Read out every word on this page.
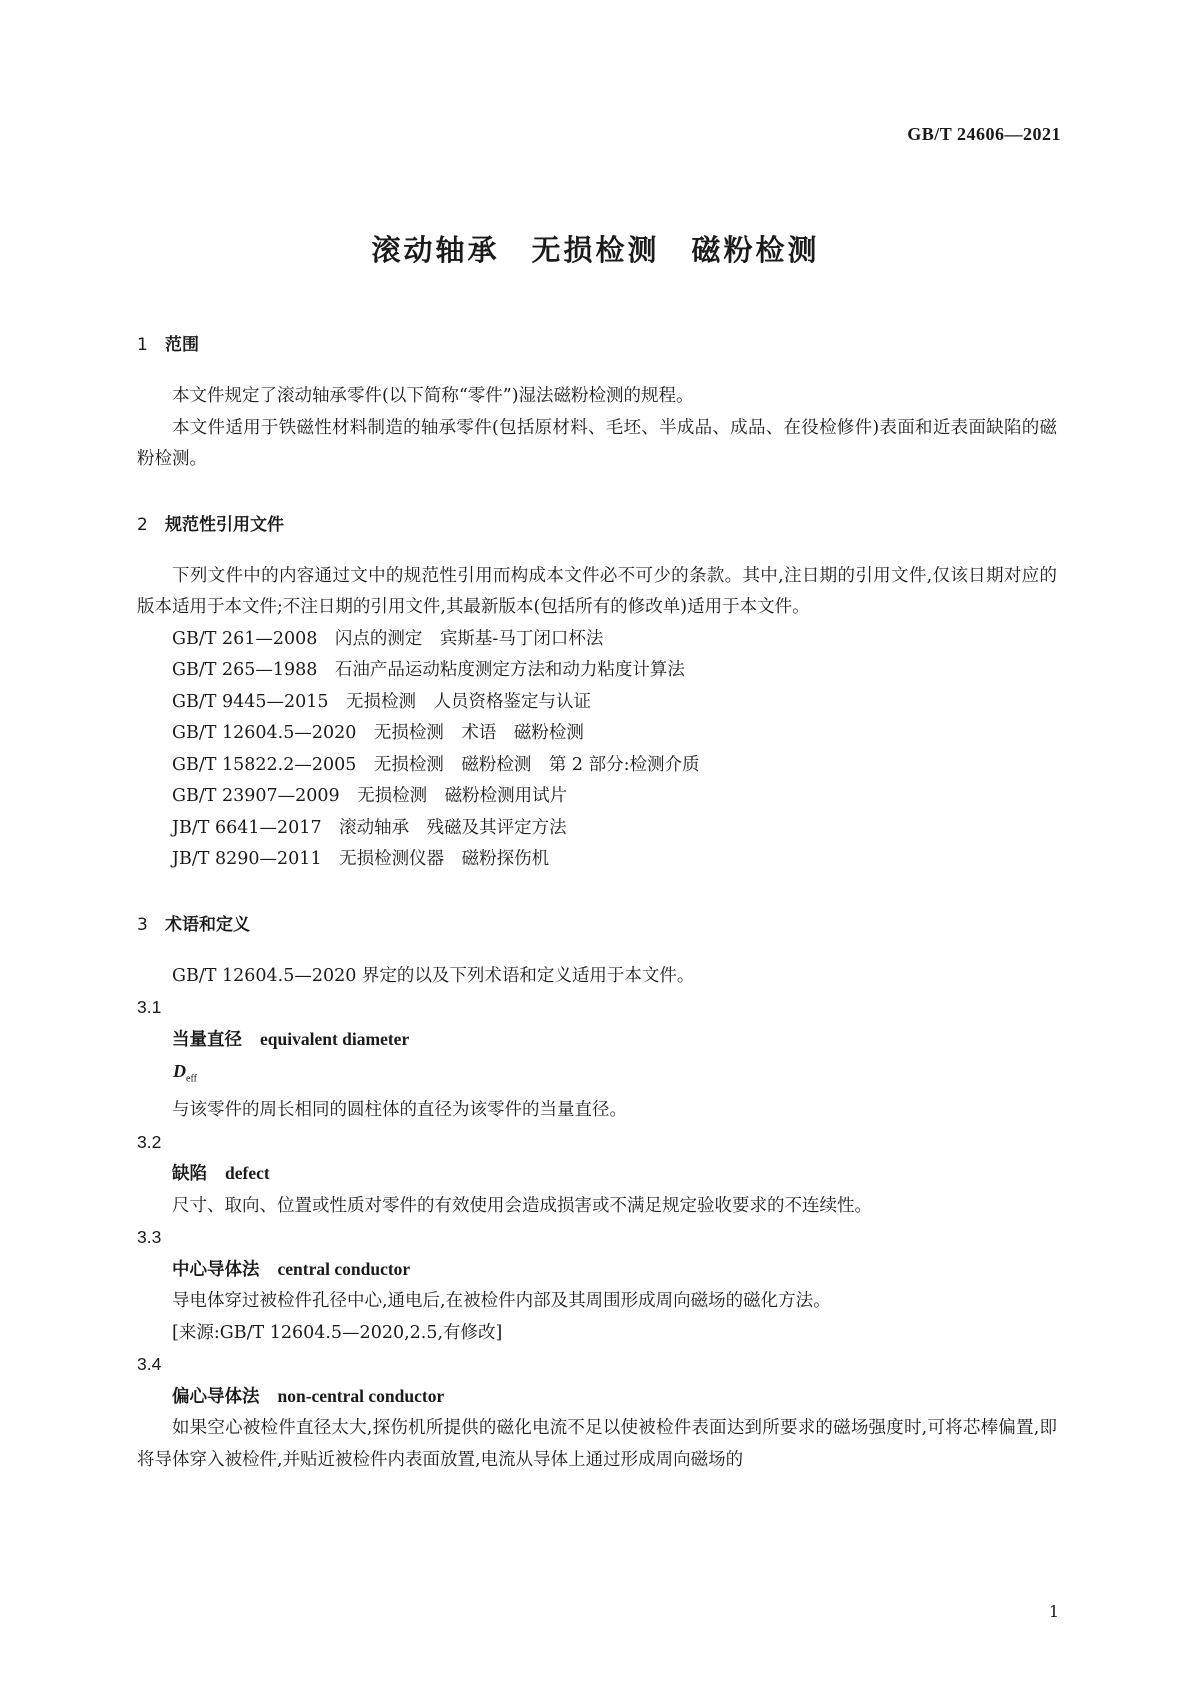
GB/T 24606—2021
滚动轴承　无损检测　磁粉检测

1 范围

本文件规定了滚动轴承零件(以下简称“零件”)湿法磁粉检测的规程。

本文件适用于铁磁性材料制造的轴承零件(包括原材料、毛坯、半成品、成品、在役检修件)表面和近表面缺陷的磁粉检测。

2 规范性引用文件

下列文件中的内容通过文中的规范性引用而构成本文件必不可少的条款。其中,注日期的引用文件,仅该日期对应的版本适用于本文件;不注日期的引用文件,其最新版本(包括所有的修改单)适用于本文件。

GB/T 261—2008　闪点的测定　宾斯基-马丁闭口杯法

GB/T 265—1988　石油产品运动粘度测定方法和动力粘度计算法

GB/T 9445—2015　无损检测　人员资格鉴定与认证

GB/T 12604.5—2020　无损检测　术语　磁粉检测

GB/T 15822.2—2005　无损检测　磁粉检测　第 2 部分:检测介质

GB/T 23907—2009　无损检测　磁粉检测用试片

JB/T 6641—2017　滚动轴承　残磁及其评定方法

JB/T 8290—2011　无损检测仪器　磁粉探伤机

3 术语和定义

GB/T 12604.5—2020 界定的以及下列术语和定义适用于本文件。

3.1

当量直径 equivalent diameter

$D_{eff}$

与该零件的周长相同的圆柱体的直径为该零件的当量直径。

3.2

缺陷 defect

尺寸、取向、位置或性质对零件的有效使用会造成损害或不满足规定验收要求的不连续性。

3.3

中心导体法 central conductor

导电体穿过被检件孔径中心,通电后,在被检件内部及其周围形成周向磁场的磁化方法。

[来源:GB/T 12604.5—2020,2.5,有修改]

3.4

偏心导体法 non-central conductor

如果空心被检件直径太大,探伤机所提供的磁化电流不足以使被检件表面达到所要求的磁场强度时,可将芯棒偏置,即将导体穿入被检件,并贴近被检件内表面放置,电流从导体上通过形成周向磁场的

1
